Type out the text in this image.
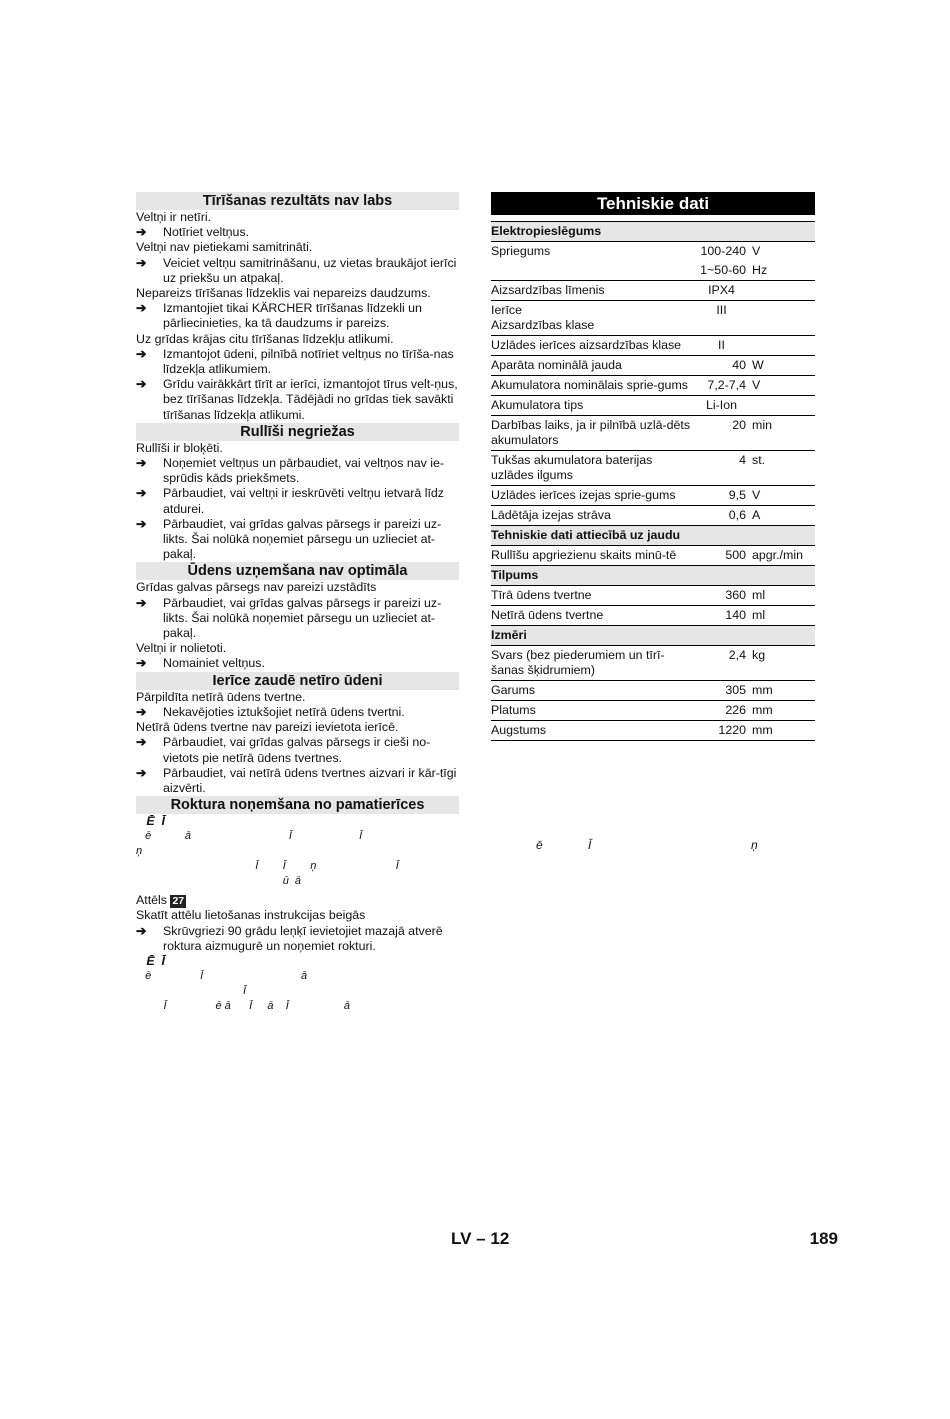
Tīrīšanas rezultāts nav labs
Veltņi ir netīri.
➔ Notīriet veltņus.
Veltņi nav pietiekami samitrināti.
➔ Veiciet veltņu samitrināšanu, uz vietas braukājot ierīci uz priekšu un atpakaļ.
Nepareizs tīrīšanas līdzeklis vai nepareizs daudzums.
➔ Izmantojiet tikai KÄRCHER tīrīšanas līdzekli un pārliecinieties, ka tā daudzums ir pareizs.
Uz grīdas krājas citu tīrīšanas līdzekļu atlikumi.
➔ Izmantojot ūdeni, pilnībā notīriet veltņus no tīrīša-nas līdzekļa atlikumiem.
➔ Grīdu vairākkārt tīrīt ar ierīci, izmantojot tīrus velt-ņus, bez tīrīšanas līdzekļa. Tādējādi no grīdas tiek savākti tīrīšanas līdzekļa atlikumi.
Rullīši negriežas
Rullīši ir bloķēti.
➔ Noņemiet veltņus un pārbaudiet, vai veltņos nav ie-sprūdis kāds priekšmets.
➔ Pārbaudiet, vai veltņi ir ieskrūvēti veltņu ietvarā līdz atdurei.
➔ Pārbaudiet, vai grīdas galvas pārsegs ir pareizi uz-likts. Šai nolūkā noņemiet pārsegu un uzlieciet at-pakaļ.
Ūdens uzņemšana nav optimāla
Grīdas galvas pārsegs nav pareizi uzstādīts
➔ Pārbaudiet, vai grīdas galvas pārsegs ir pareizi uz-likts. Šai nolūkā noņemiet pārsegu un uzlieciet at-pakaļ.
Veltņi ir nolietoti.
➔ Nomainiet veltņus.
Ierīce zaudē netīro ūdeni
Pārpildīta netīrā ūdens tvertne.
➔ Nekavējoties iztukšojiet netīrā ūdens tvertni.
Netīrā ūdens tvertne nav pareizi ievietota ierīcē.
➔ Pārbaudiet, vai grīdas galvas pārsegs ir cieši no-vietots pie netīrā ūdens tvertnes.
➔ Pārbaudiet, vai netīrā ūdens tvertnes aizvari ir kār-tīgi aizvērti.
Roktura noņemšana no pamatierīces
Ē  Ī
ē           ā                                Ī                      Ī
ņ
Ī        Ī        ņ                          Ī
ū  ā
Attēls 27
Skatīt attēlu lietošanas instrukcijas beigās
➔ Skrūvgriezi 90 grādu leņķī ievietojiet mazajā atverē roktura aizmugurē un noņemiet rokturi.
Ē  Ī
ē                Ī                                ā
Ī
Ī                ē ā      Ī     ā    Ī                  ā
Tehniskie dati
Elektropieslēgums		
Spriegums	100-240	V
	1~50-60	Hz
Aizsardzības līmenis	IPX4	
Ierīce
Aizsardzības klase	III	
Uzlādes ierīces aizsardzības klase	II	
Aparāta nominālā jauda	40	W
Akumulatora nominālais sprie-gums	7,2-7,4	V
Akumulatora tips	Li-Ion	
Darbības laiks, ja ir pilnībā uzlā-dēts akumulators	20	min
Tukšas akumulatora baterijas uzlādes ilgums	4	st.
Uzlādes ierīces izejas sprie-gums	9,5	V
Lādētāja izejas strāva	0,6	A
Tehniskie dati attiecībā uz jaudu		
Rullīšu apgriezienu skaits minū-tē	500	apgr./min
Tilpums		
Tīrā ūdens tvertne	360	ml
Netīrā ūdens tvertne	140	ml
Izmēri		
Svars (bez piederumiem un tīrī-šanas šķidrumiem)	2,4	kg
Garums	305	mm
Platums	226	mm
Augstums	1220	mm
ē	Ī	ņ
LV – 12	189
